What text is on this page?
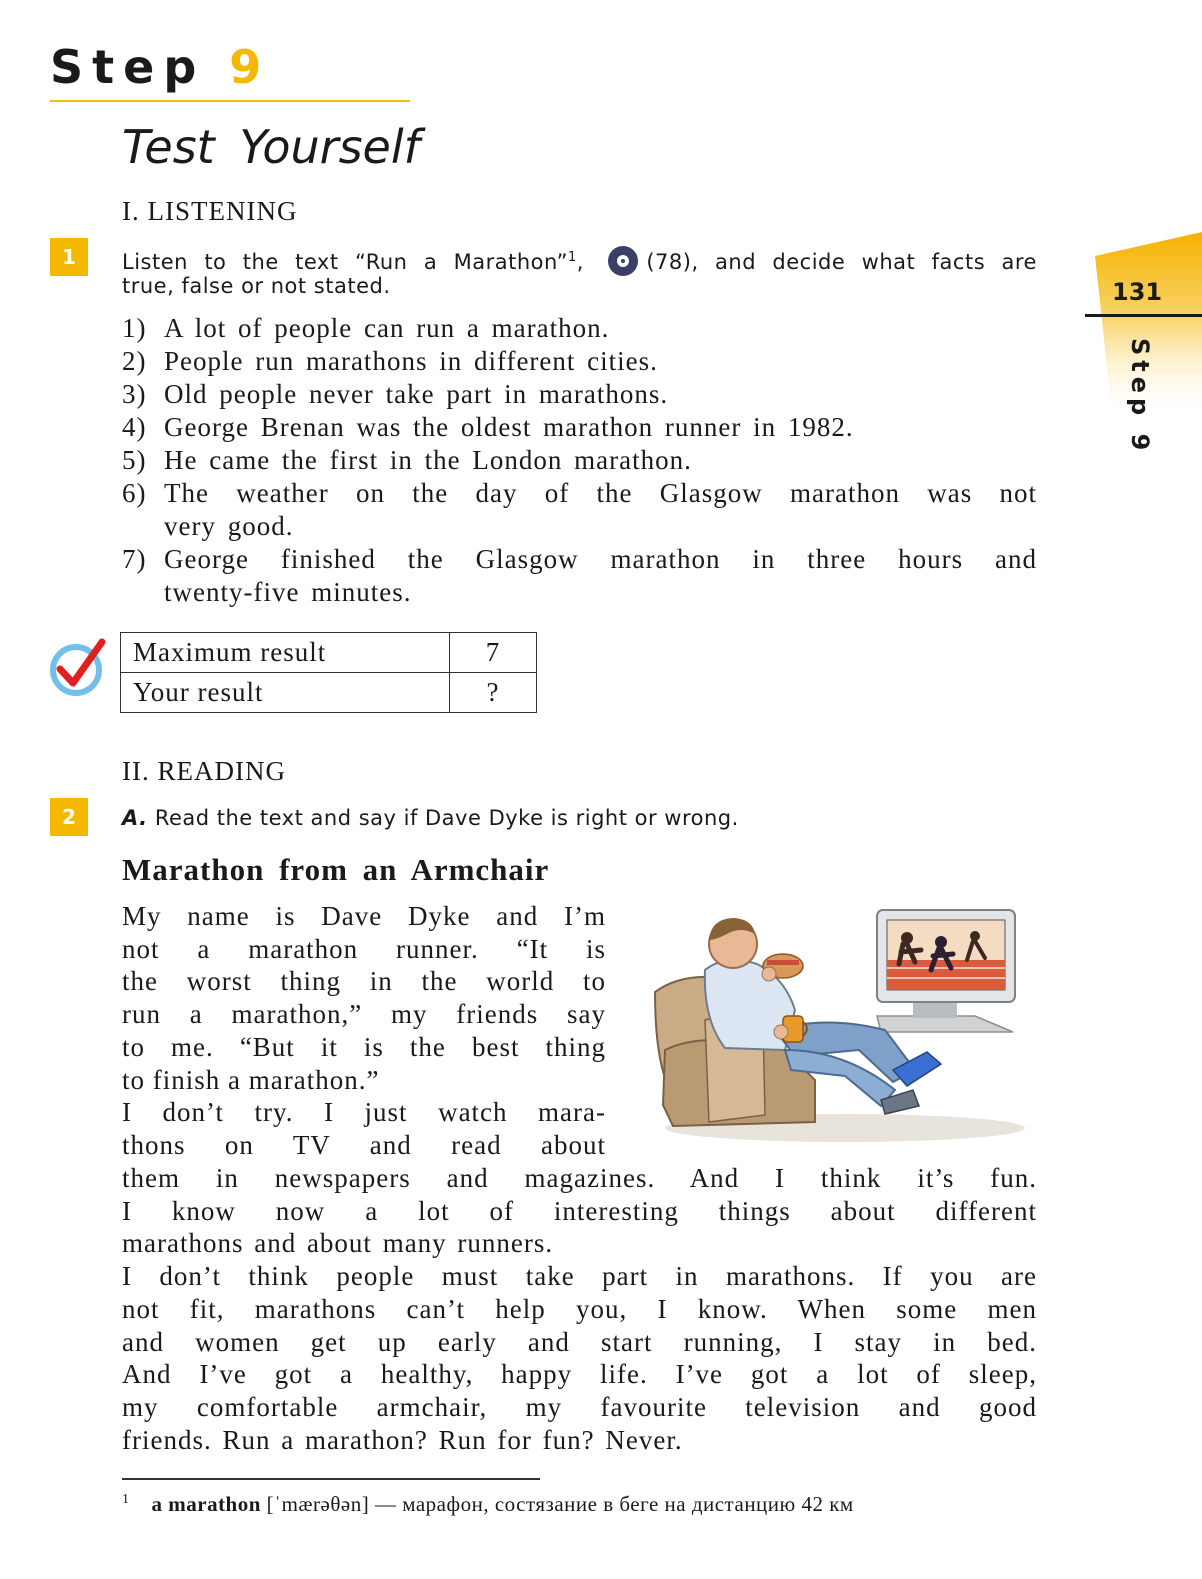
Step 9
Test Yourself
131
Step 9
I. LISTENING
1	Listen to the text “Run a Marathon”$^1$, (78), and decide what facts are
true, false or not stated.
1) A lot of people can run a marathon.
2) People run marathons in different cities.
3) Old people never take part in marathons.
4) George Brenan was the oldest marathon runner in 1982.
5) He came the first in the London marathon.
6) The weather on the day of the Glasgow marathon was not
very good.
7) George finished the Glasgow marathon in three hours and
twenty-five minutes.
Maximum result	7
Your result	?
II. READING
2	A. Read the text and say if Dave Dyke is right or wrong.
Marathon from an Armchair
My name is Dave Dyke and I’m
not a marathon runner. “It is
the worst thing in the world to
run a marathon,” my friends say
to me. “But it is the best thing
to finish a marathon.”
I don’t try. I just watch mara-
thons on TV and read about
them in newspapers and magazines. And I think it’s fun.
I know now a lot of interesting things about different
marathons and about many runners.
I don’t think people must take part in marathons. If you are
not fit, marathons can’t help you, I know. When some men
and women get up early and start running, I stay in bed.
And I’ve got a healthy, happy life. I’ve got a lot of sleep,
my comfortable armchair, my favourite television and good
friends. Run a marathon? Run for fun? Never.
$^1$ a marathon [ˈmærəθən] — марафон, состязание в беге на дистанцию 42 км
